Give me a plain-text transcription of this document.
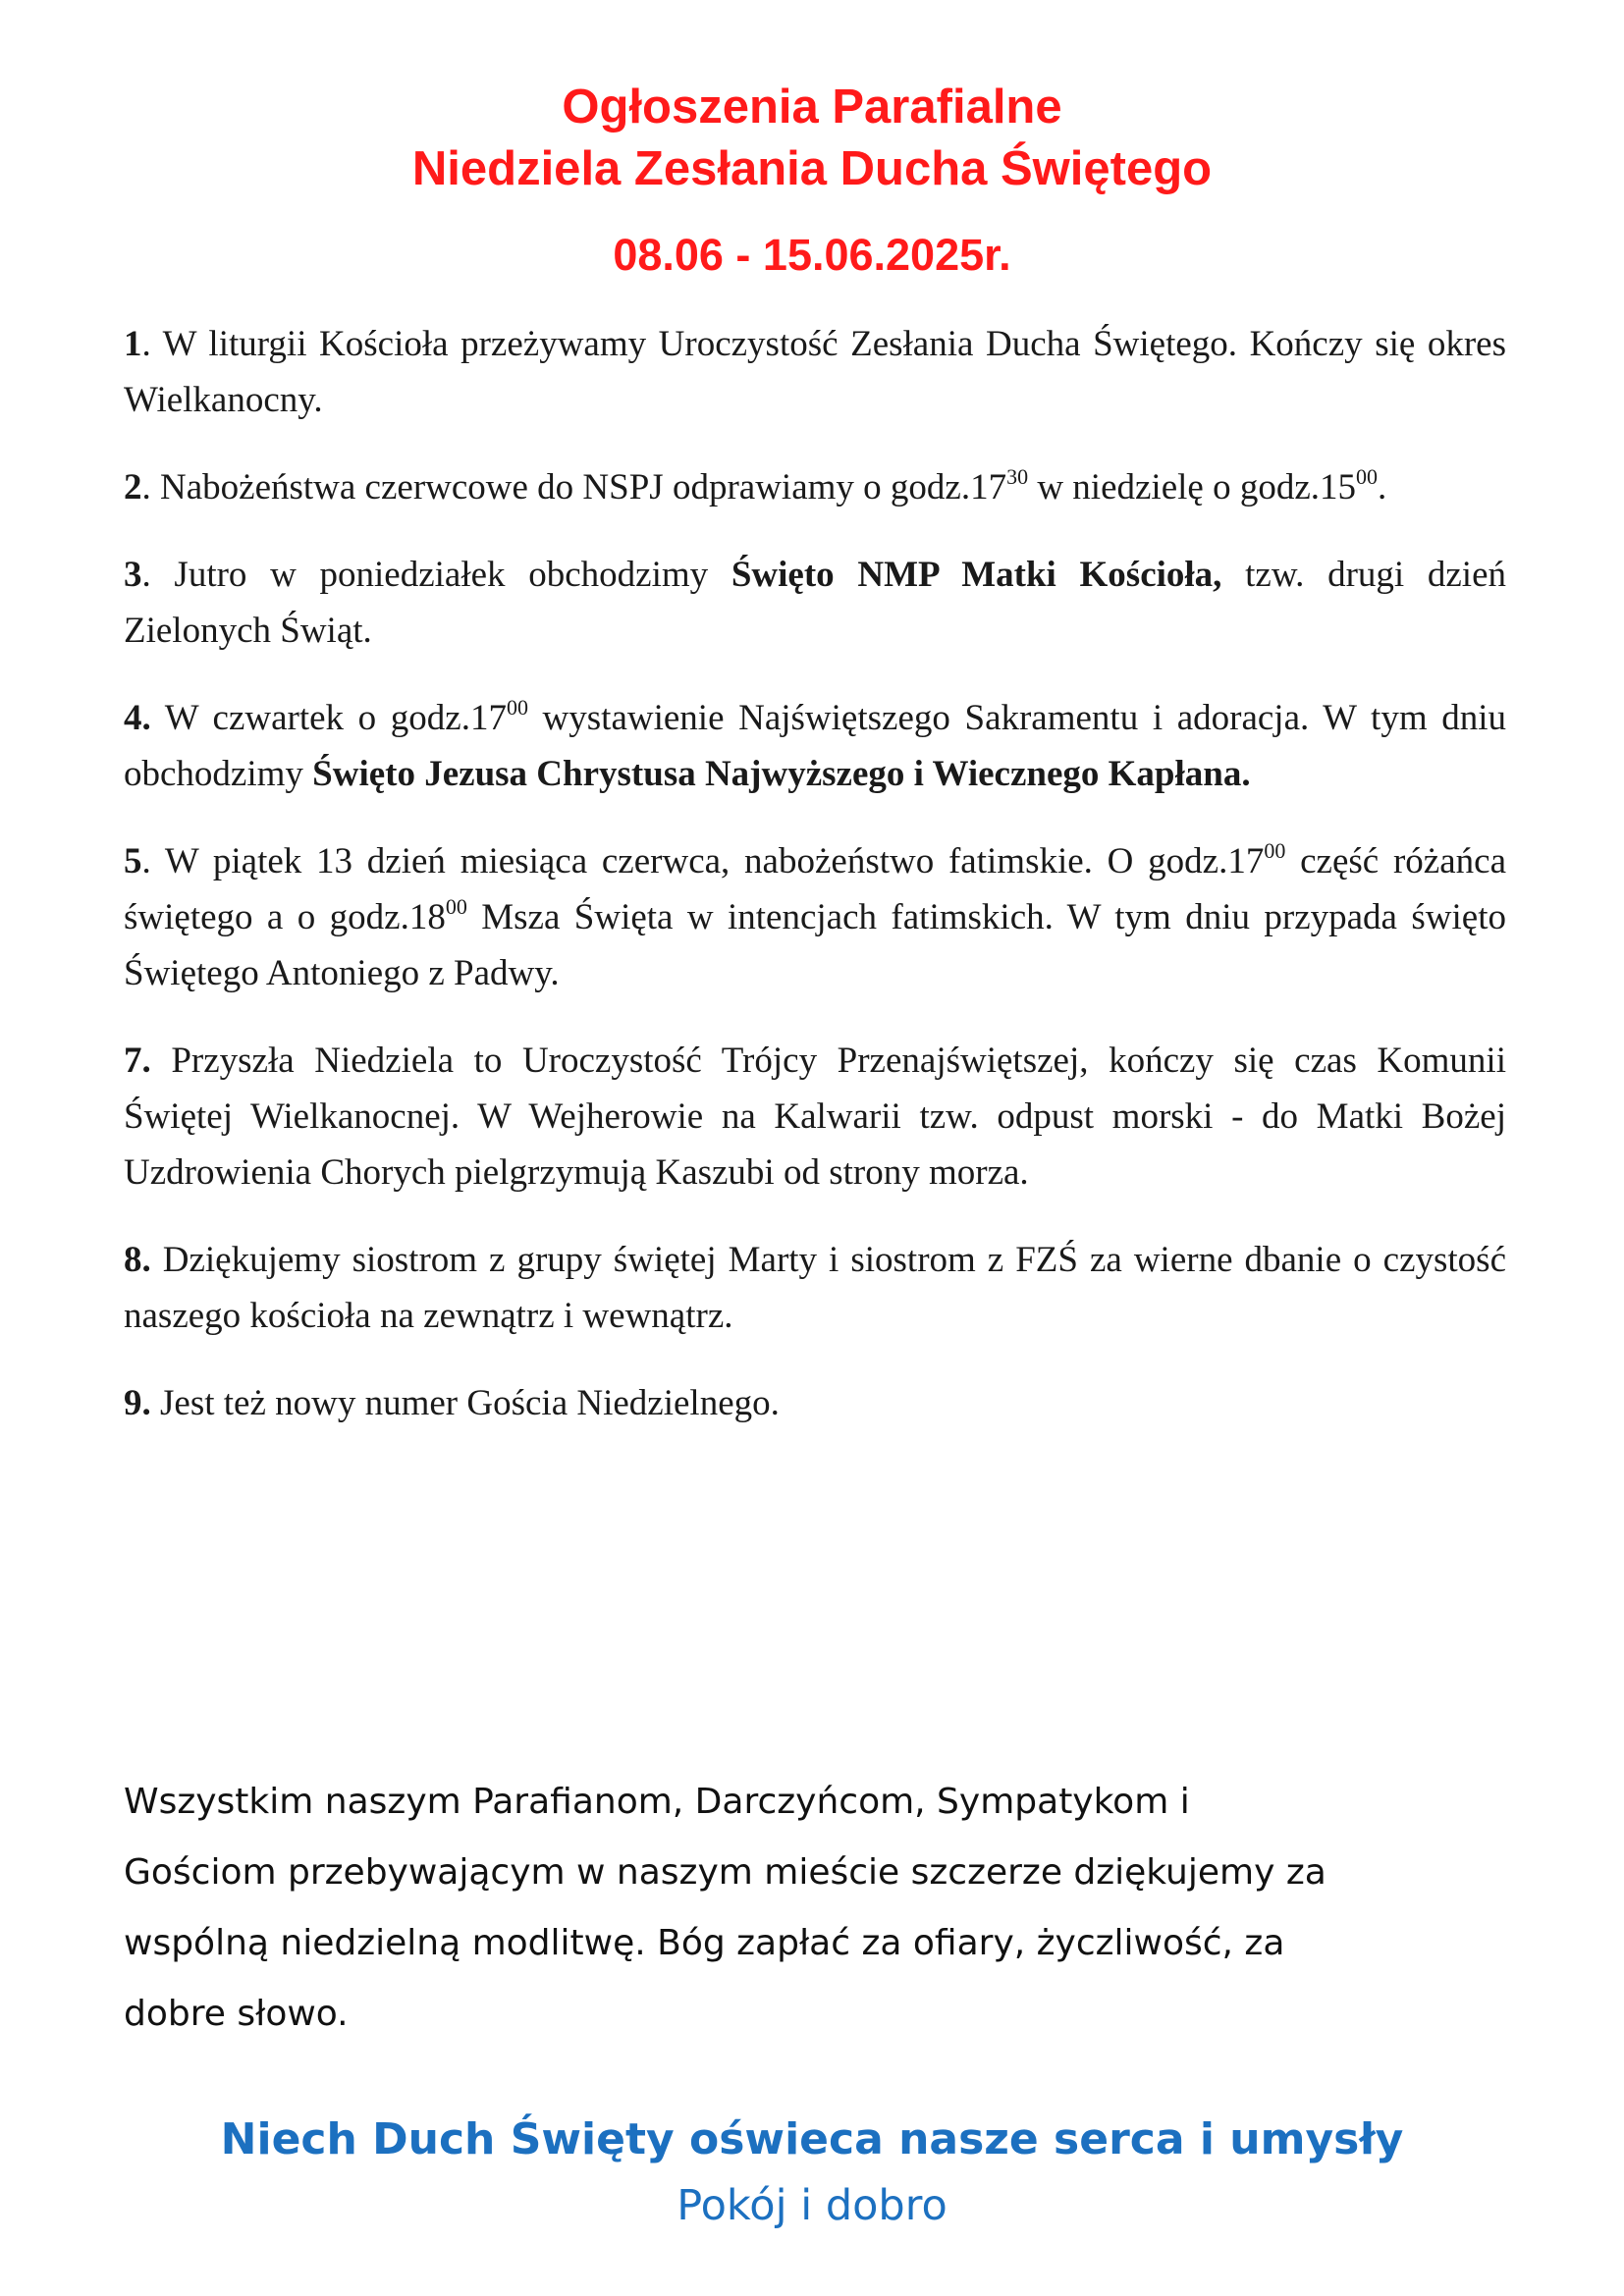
Ogłoszenia Parafialne
Niedziela Zesłania Ducha Świętego
08.06 - 15.06.2025r.
1. W liturgii Kościoła przeżywamy Uroczystość Zesłania Ducha Świętego. Kończy się okres Wielkanocny.
2. Nabożeństwa czerwcowe do NSPJ odprawiamy o $godz.17^{30}$ w niedzielę o $godz.15^{00}$.
3. Jutro w poniedziałek obchodzimy Święto NMP Matki Kościoła, tzw. drugi dzień Zielonych Świąt.
4. W czwartek o $godz.17^{00}$ wystawienie Najświętszego Sakramentu i adoracja. W tym dniu obchodzimy Święto Jezusa Chrystusa Najwyższego i Wiecznego Kapłana.
5. W piątek 13 dzień miesiąca czerwca, nabożeństwo fatimskie. O $godz.17^{00}$ część różańca świętego a o $godz.18^{00}$ Msza Święta w intencjach fatimskich. W tym dniu przypada święto Świętego Antoniego z Padwy.
7. Przyszła Niedziela to Uroczystość Trójcy Przenajświętszej, kończy się czas Komunii Świętej Wielkanocnej. W Wejherowie na Kalwarii tzw. odpust morski - do Matki Bożej Uzdrowienia Chorych pielgrzymują Kaszubi od strony morza.
8. Dziękujemy siostrom z grupy świętej Marty i siostrom z FZŚ za wierne dbanie o czystość naszego kościoła na zewnątrz i wewnątrz.
9. Jest też nowy numer Gościa Niedzielnego.
Wszystkim naszym Parafianom, Darczyńcom, Sympatykom i
Gościom przebywającym w naszym mieście szczerze dziękujemy za
wspólną niedzielną modlitwę. Bóg zapłać za ofiary, życzliwość, za
dobre słowo.
Niech Duch Święty oświeca nasze serca i umysły
Pokój i dobro
